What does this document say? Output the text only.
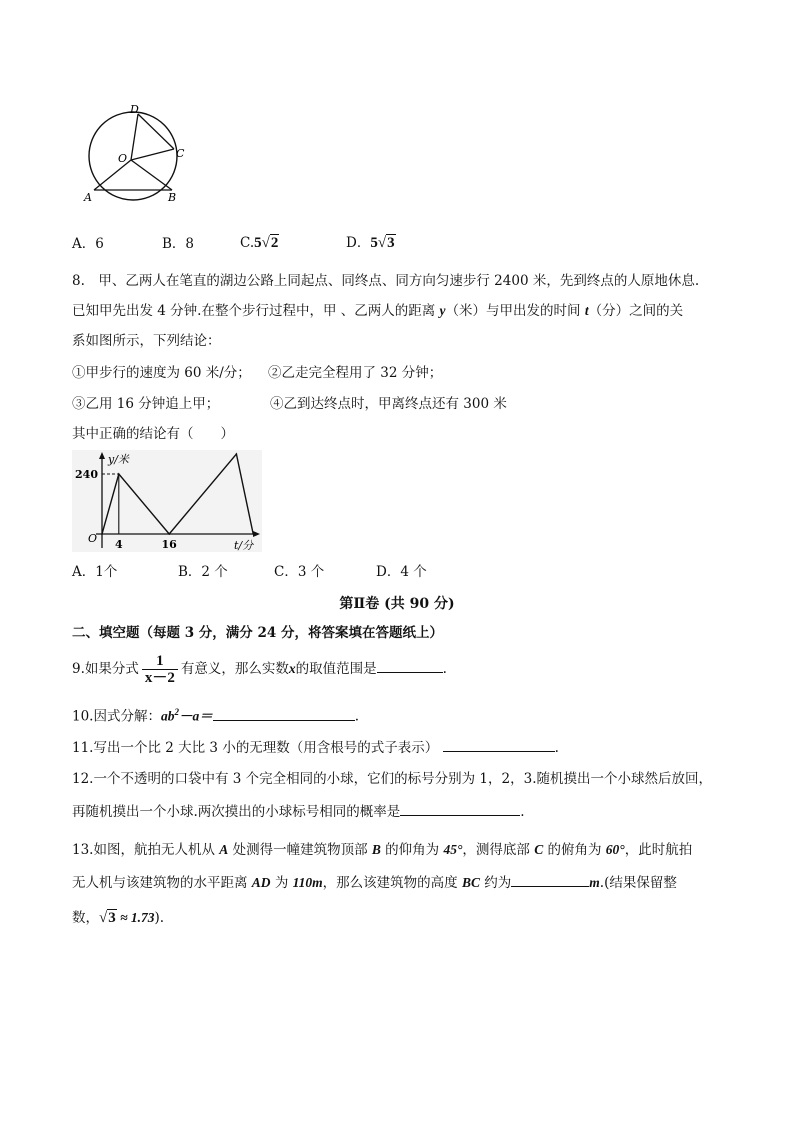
D
C
O
A	B
A．6	B．8	C.5√2	D．5√3
8.　甲、乙两人在笔直的湖边公路上同起点、同终点、同方向匀速步行 2400 米，先到终点的人原地休息.
已知甲先出发 4 分钟.在整个步行过程中，甲 、乙两人的距离 y（米）与甲出发的时间 t（分）之间的关
系如图所示，下列结论：
①甲步行的速度为 60 米/分； ②乙走完全程用了 32 分钟；
③乙用 16 分钟追上甲；	④乙到达终点时，甲离终点还有 300 米
其中正确的结论有（　　）
y/米
t/分
O
240
4	16
A．1个	B．2 个	C．3 个	D．4 个
第Ⅱ卷 (共 90 分)
二、填空题（每题 3 分，满分 24 分，将答案填在答题纸上）
9.如果分式 $\frac{1}{x-2}$ 有意义，那么实数x的取值范围是	.
10.因式分解：$ab^2-a=$	.
11.写出一个比 2 大比 3 小的无理数（用含根号的式子表示）	.
12.一个不透明的口袋中有 3 个完全相同的小球，它们的标号分别为 1，2，3.随机摸出一个小球然后放回，
再随机摸出一个小球.两次摸出的小球标号相同的概率是	.
13.如图，航拍无人机从 A 处测得一幢建筑物顶部 B 的仰角为 45°，测得底部 C 的俯角为 60°，此时航拍
无人机与该建筑物的水平距离 AD 为 110m，那么该建筑物的高度 BC 约为	m.(结果保留整
数，√3 ≈ 1.73).
